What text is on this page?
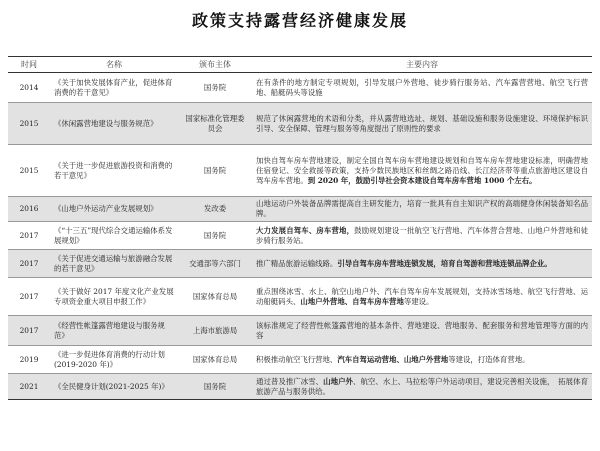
政策支持露营经济健康发展
时间	名称	颁布主体	主要内容
2014	《关于加快发展体育产业，促进体育消费的若干意见》	国务院	在有条件的地方制定专项规划，引导发展户外营地、徒步骑行服务站、汽车露营营地、航空飞行营地、船艇码头等设施
2015	《休闲露营地建设与服务规范》	国家标准化管理委员会	规范了休闲露营地的术语和分类，并从露营地选址、规划、基础设施和服务设施建设、环境保护标识引导、安全保障、管理与服务等角度提出了原则性的要求
2015	《关于进一步促进旅游投资和消费的若干意见》	国务院	加快自驾车房车营地建设，制定全国自驾车房车营地建设规划和自驾车房车营地建设标准，明确营地住宿登记、安全救援等政策，支持少数民族地区和丝绸之路沿线、长江经济带等重点旅游地区建设自驾车房车营地。到 2020 年，鼓励引导社会资本建设自驾车房车营地 1000 个左右。
2016	《山地户外运动产业发展规划》	发改委	山地运动户外装备品牌需提高自主研发能力，培育一批具有自主知识产权的高端健身休闲装备知名品牌。
2017	《“十三五”现代综合交通运输体系发展规划》	国务院	大力发展自驾车、房车营地，鼓励规划建设一批航空飞行营地、汽车体营合营地、山地户外营地和徒步骑行服务站。
2017	《关于促进交通运输与旅游融合发展的若干意见》	交通部等六部门	推广精品旅游运输线路。引导自驾车房车营地连锁发展，培育自驾游和营地连锁品牌企业。
2017	《关于做好 2017 年度文化产业发展专项资金重大项目申报工作》	国家体育总局	重点围绕冰雪、水上、航空山地户外、汽车自驾车房车发展规划，支持冰雪场地、航空飞行营地、运动船艇码头、山地户外营地、自驾车房车营地等建设。
2017	《经营性帐篷露营地建设与服务规范》	上海市旅游局	该标准规定了经营性帐篷露营地的基本条件、营地建设、营地服务、配套服务和营地管理等方面的内容
2019	《进一步促进体育消费的行动计划(2019-2020 年)》	国家体育总局	积极推动航空飞行营地、汽车自驾运动营地、山地户外营地等建设，打造体育营地。
2021	《全民健身计划(2021-2025 年)》	国务院	通过普及推广冰雪、山地户外、航空、水上、马拉松等户外运动项目，建设完善相关设施，　拓展体育旅游产品与服务供给。
